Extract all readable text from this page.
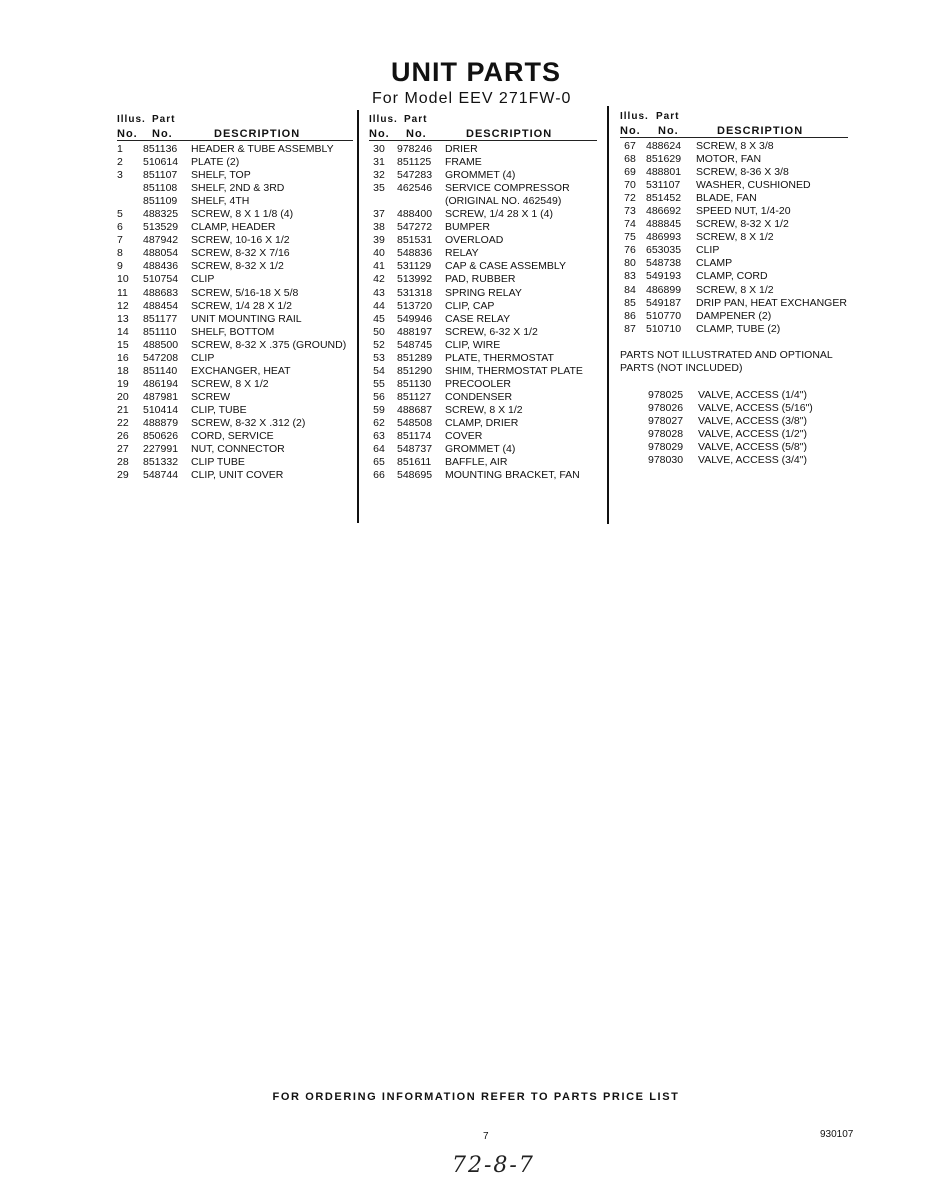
UNIT PARTS
For Model EEV 271FW-0
Illus. Part
No. No.	DESCRIPTION
1	851136	HEADER & TUBE ASSEMBLY
2	510614	PLATE (2)
3	851107	SHELF, TOP
851108	SHELF, 2ND & 3RD
851109	SHELF, 4TH
5	488325	SCREW, 8 X 1 1/8 (4)
6	513529	CLAMP, HEADER
7	487942	SCREW, 10-16 X 1/2
8	488054	SCREW, 8-32 X 7/16
9	488436	SCREW, 8-32 X 1/2
10	510754	CLIP
11	488683	SCREW, 5/16-18 X 5/8
12	488454	SCREW, 1/4 28 X 1/2
13	851177	UNIT MOUNTING RAIL
14	851110	SHELF, BOTTOM
15	488500	SCREW, 8-32 X .375 (GROUND)
16	547208	CLIP
18	851140	EXCHANGER, HEAT
19	486194	SCREW, 8 X 1/2
20	487981	SCREW
21	510414	CLIP, TUBE
22	488879	SCREW, 8-32 X .312 (2)
26	850626	CORD, SERVICE
27	227991	NUT, CONNECTOR
28	851332	CLIP TUBE
29	548744	CLIP, UNIT COVER
Illus. Part
No. No.	DESCRIPTION
30	978246	DRIER
31	851125	FRAME
32	547283	GROMMET (4)
35	462546	SERVICE COMPRESSOR (ORIGINAL NO. 462549)
37	488400	SCREW, 1/4 28 X 1 (4)
38	547272	BUMPER
39	851531	OVERLOAD
40	548836	RELAY
41	531129	CAP & CASE ASSEMBLY
42	513992	PAD, RUBBER
43	531318	SPRING RELAY
44	513720	CLIP, CAP
45	549946	CASE RELAY
50	488197	SCREW, 6-32 X 1/2
52	548745	CLIP, WIRE
53	851289	PLATE, THERMOSTAT
54	851290	SHIM, THERMOSTAT PLATE
55	851130	PRECOOLER
56	851127	CONDENSER
59	488687	SCREW, 8 X 1/2
62	548508	CLAMP, DRIER
63	851174	COVER
64	548737	GROMMET (4)
65	851611	BAFFLE, AIR
66	548695	MOUNTING BRACKET, FAN
Illus. Part
No. No.	DESCRIPTION
67 488624	SCREW, 8 X 3/8
68 851629	MOTOR, FAN
69 488801	SCREW, 8-36 X 3/8
70 531107	WASHER, CUSHIONED
72 851452	BLADE, FAN
73 486692	SPEED NUT, 1/4-20
74 488845	SCREW, 8-32 X 1/2
75 486993	SCREW, 8 X 1/2
76 653035	CLIP
80 548738	CLAMP
83 549193	CLAMP, CORD
84 486899	SCREW, 8 X 1/2
85 549187	DRIP PAN, HEAT EXCHANGER
86 510770	DAMPENER (2)
87 510710	CLAMP, TUBE (2)
PARTS NOT ILLUSTRATED AND OPTIONAL PARTS (NOT INCLUDED)
978025	VALVE, ACCESS (1/4")
978026	VALVE, ACCESS (5/16")
978027	VALVE, ACCESS (3/8")
978028	VALVE, ACCESS (1/2")
978029	VALVE, ACCESS (5/8")
978030	VALVE, ACCESS (3/4")
FOR ORDERING INFORMATION REFER TO PARTS PRICE LIST
7	930107
72-8-7
